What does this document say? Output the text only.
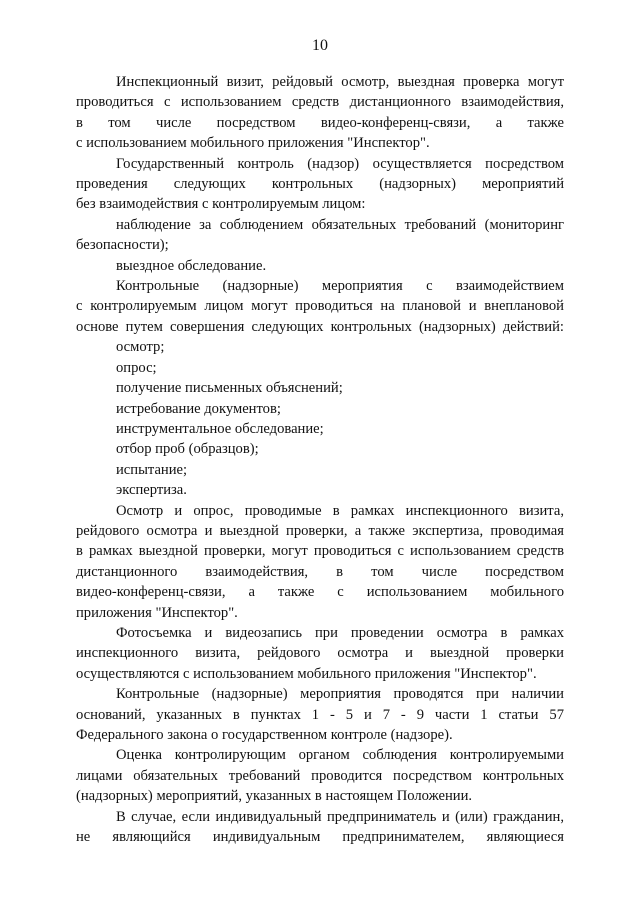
10
Инспекционный визит, рейдовый осмотр, выездная проверка могут
проводиться с использованием средств дистанционного взаимодействия,
в том числе посредством видео-конференц-связи, а также
с использованием мобильного приложения "Инспектор".
Государственный контроль (надзор) осуществляется посредством
проведения следующих контрольных (надзорных) мероприятий
без взаимодействия с контролируемым лицом:
наблюдение за соблюдением обязательных требований (мониторинг
безопасности);
выездное обследование.
Контрольные (надзорные) мероприятия с взаимодействием
с контролируемым лицом могут проводиться на плановой и внеплановой
основе путем совершения следующих контрольных (надзорных) действий:
осмотр;
опрос;
получение письменных объяснений;
истребование документов;
инструментальное обследование;
отбор проб (образцов);
испытание;
экспертиза.
Осмотр и опрос, проводимые в рамках инспекционного визита,
рейдового осмотра и выездной проверки, а также экспертиза, проводимая
в рамках выездной проверки, могут проводиться с использованием средств
дистанционного взаимодействия, в том числе посредством
видео-конференц-связи, а также с использованием мобильного
приложения "Инспектор".
Фотосъемка и видеозапись при проведении осмотра в рамках
инспекционного визита, рейдового осмотра и выездной проверки
осуществляются с использованием мобильного приложения "Инспектор".
Контрольные (надзорные) мероприятия проводятся при наличии
оснований, указанных в пунктах 1 - 5 и 7 - 9 части 1 статьи 57
Федерального закона о государственном контроле (надзоре).
Оценка контролирующим органом соблюдения контролируемыми
лицами обязательных требований проводится посредством контрольных
(надзорных) мероприятий, указанных в настоящем Положении.
В случае, если индивидуальный предприниматель и (или) гражданин,
не являющийся индивидуальным предпринимателем, являющиеся
